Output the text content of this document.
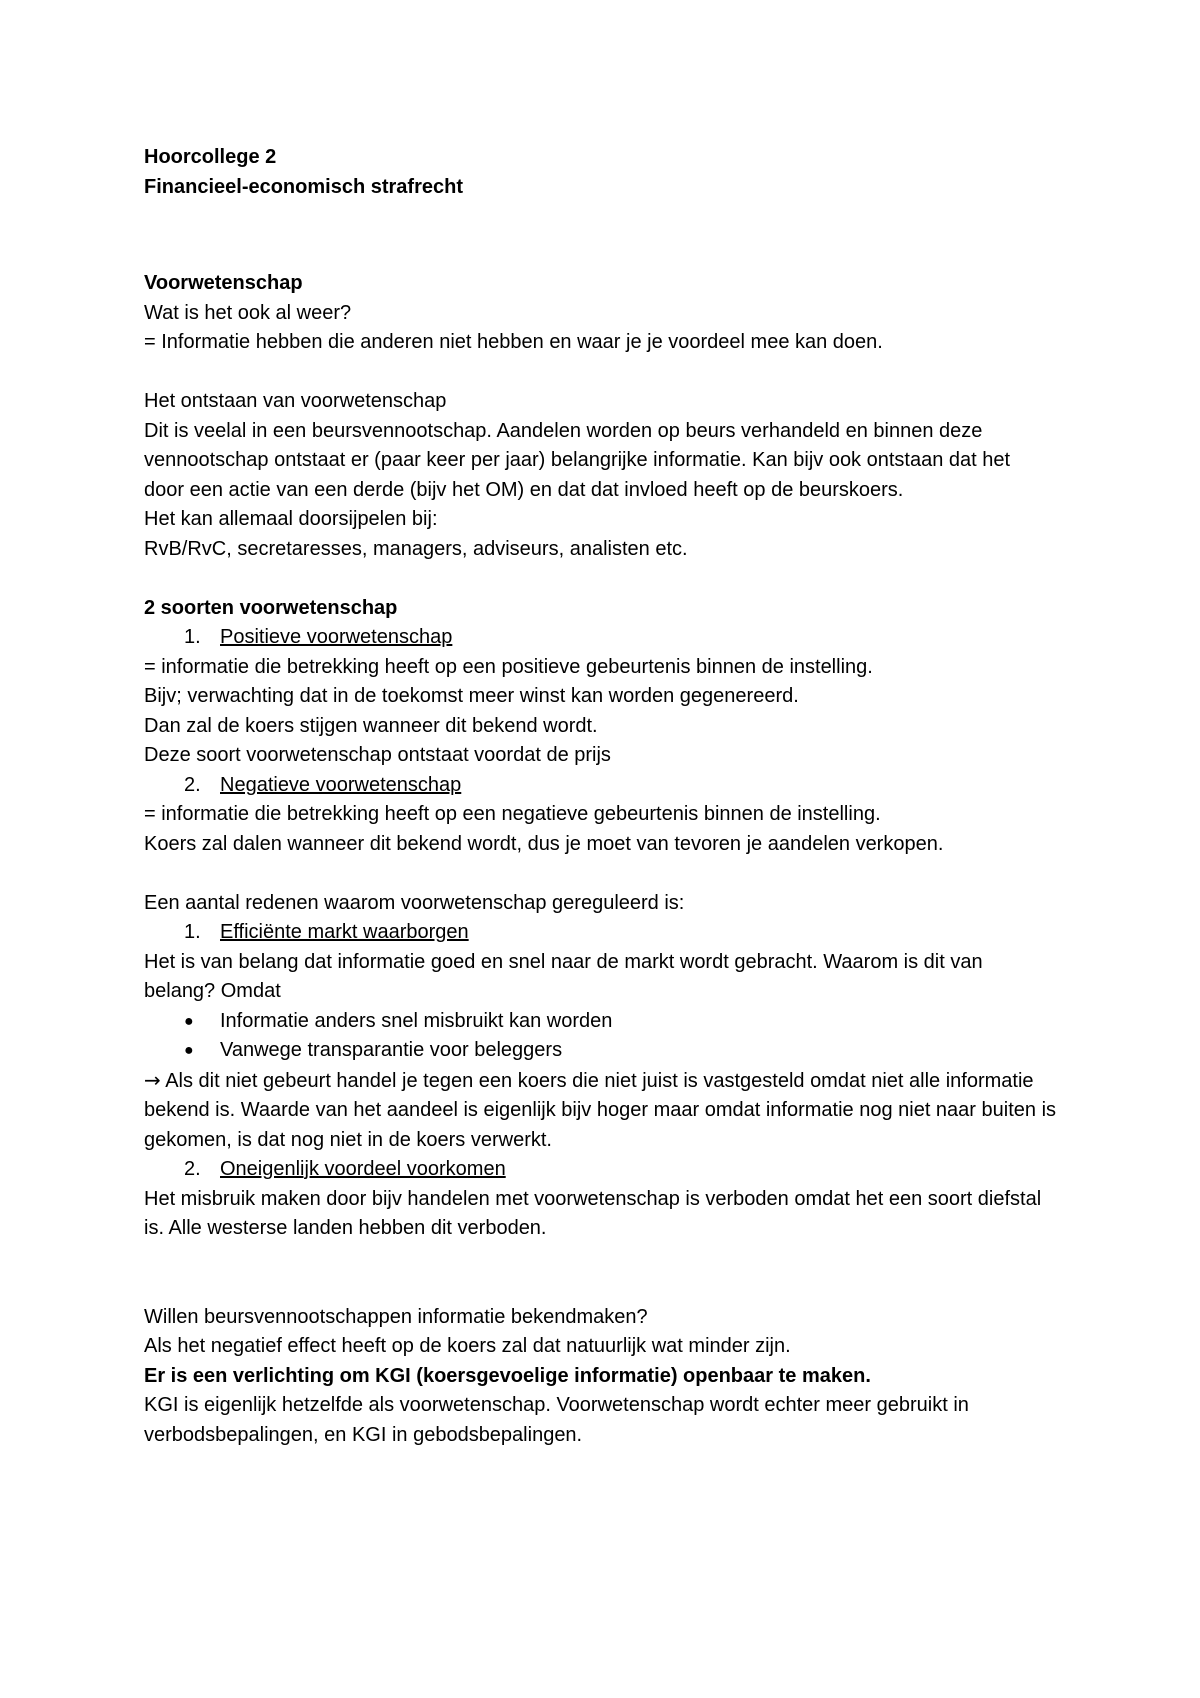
Hoorcollege 2

Financieel-economisch strafrecht

Voorwetenschap

Wat is het ook al weer?

= Informatie hebben die anderen niet hebben en waar je je voordeel mee kan doen.

Het ontstaan van voorwetenschap

Dit is veelal in een beursvennootschap. Aandelen worden op beurs verhandeld en binnen deze vennootschap ontstaat er (paar keer per jaar) belangrijke informatie. Kan bijv ook ontstaan dat het door een actie van een derde (bijv het OM) en dat dat invloed heeft op de beurskoers.

Het kan allemaal doorsijpelen bij:

RvB/RvC, secretaresses, managers, adviseurs, analisten etc.

2 soorten voorwetenschap

1. Positieve voorwetenschap

= informatie die betrekking heeft op een positieve gebeurtenis binnen de instelling.

Bijv; verwachting dat in de toekomst meer winst kan worden gegenereerd.

Dan zal de koers stijgen wanneer dit bekend wordt.

Deze soort voorwetenschap ontstaat voordat de prijs

2. Negatieve voorwetenschap

= informatie die betrekking heeft op een negatieve gebeurtenis binnen de instelling.

Koers zal dalen wanneer dit bekend wordt, dus je moet van tevoren je aandelen verkopen.

Een aantal redenen waarom voorwetenschap gereguleerd is:

1. Efficiënte markt waarborgen

Het is van belang dat informatie goed en snel naar de markt wordt gebracht. Waarom is dit van belang? Omdat

●	Informatie anders snel misbruikt kan worden
●	Vanwege transparantie voor beleggers

→ Als dit niet gebeurt handel je tegen een koers die niet juist is vastgesteld omdat niet alle informatie bekend is. Waarde van het aandeel is eigenlijk bijv hoger maar omdat informatie nog niet naar buiten is gekomen, is dat nog niet in de koers verwerkt.

2. Oneigenlijk voordeel voorkomen

Het misbruik maken door bijv handelen met voorwetenschap is verboden omdat het een soort diefstal is. Alle westerse landen hebben dit verboden.

Willen beursvennootschappen informatie bekendmaken?

Als het negatief effect heeft op de koers zal dat natuurlijk wat minder zijn.

Er is een verlichting om KGI (koersgevoelige informatie) openbaar te maken.

KGI is eigenlijk hetzelfde als voorwetenschap. Voorwetenschap wordt echter meer gebruikt in verbodsbepalingen, en KGI in gebodsbepalingen.
